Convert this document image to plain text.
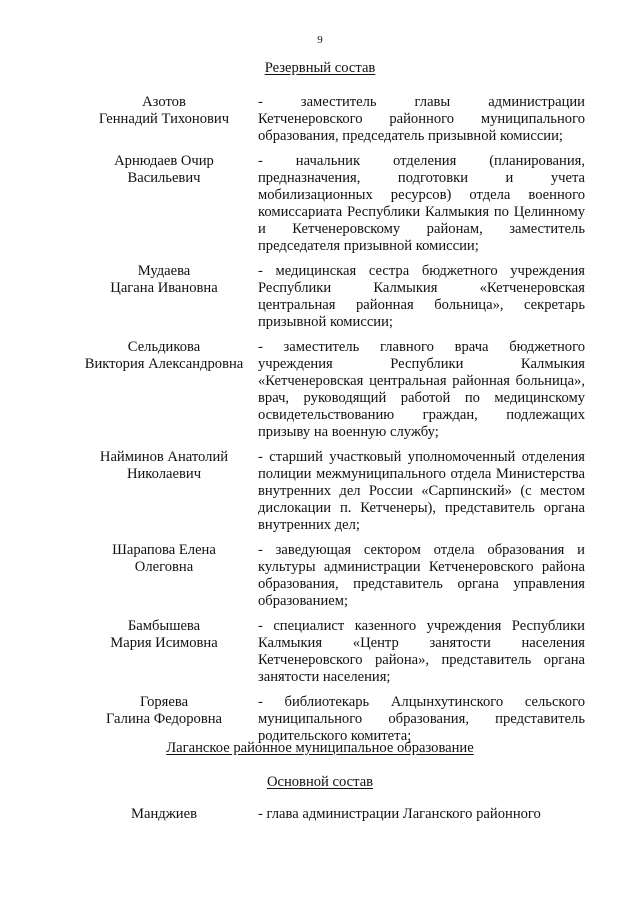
9
Резервный состав
Азотов
Геннадий Тихонович
- заместитель главы администрации Кетченеровского районного муниципального образования, председатель призывной комиссии;
Арнюдаев Очир
Васильевич
- начальник отделения (планирования, предназначения, подготовки и учета мобилизационных ресурсов) отдела военного комиссариата Республики Калмыкия по Целинному и Кетченеровскому районам, заместитель председателя призывной комиссии;
Мудаева
Цагана Ивановна
- медицинская сестра бюджетного учреждения Республики Калмыкия «Кетченеровская центральная районная больница», секретарь призывной комиссии;
Сельдикова
Виктория Александровна
- заместитель главного врача бюджетного учреждения Республики Калмыкия «Кетченеровская центральная районная больница», врач, руководящий работой по медицинскому освидетельствованию граждан, подлежащих призыву на военную службу;
Найминов Анатолий
Николаевич
- старший участковый уполномоченный отделения полиции межмуниципального отдела Министерства внутренних дел России «Сарпинский» (с местом дислокации п. Кетченеры), представитель органа внутренних дел;
Шарапова Елена
Олеговна
- заведующая сектором отдела образования и культуры администрации Кетченеровского района образования, представитель органа управления образованием;
Бамбышева
Мария Исимовна
- специалист казенного учреждения Республики Калмыкия «Центр занятости населения Кетченеровского района», представитель органа занятости населения;
Горяева
Галина Федоровна
- библиотекарь Алцынхутинского сельского муниципального образования, представитель родительского комитета;
Лаганское районное муниципальное образование
Основной состав
Манджиев	- глава администрации Лаганского районного
